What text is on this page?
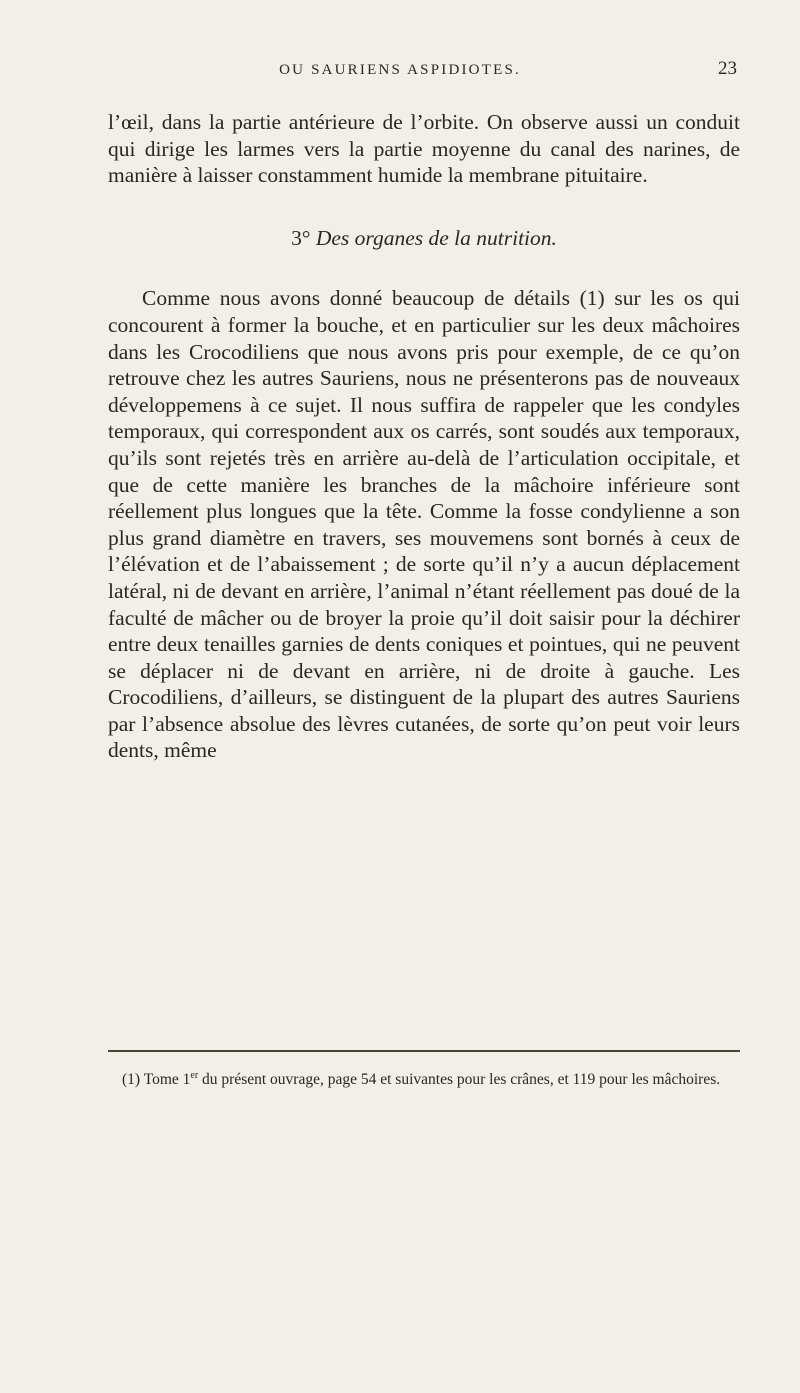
OU SAURIENS ASPIDIOTES.	23

l’œil, dans la partie antérieure de l’orbite. On observe aussi un conduit qui dirige les larmes vers la partie moyenne du canal des narines, de manière à laisser constamment humide la membrane pituitaire.

3° Des organes de la nutrition.

Comme nous avons donné beaucoup de détails (1) sur les os qui concourent à former la bouche, et en particulier sur les deux mâchoires dans les Crocodiliens que nous avons pris pour exemple, de ce qu’on retrouve chez les autres Sauriens, nous ne présenterons pas de nouveaux développemens à ce sujet. Il nous suffira de rappeler que les condyles temporaux, qui correspondent aux os carrés, sont soudés aux temporaux, qu’ils sont rejetés très en arrière au-delà de l’articulation occipitale, et que de cette manière les branches de la mâchoire inférieure sont réellement plus longues que la tête. Comme la fosse condylienne a son plus grand diamètre en travers, ses mouvemens sont bornés à ceux de l’élévation et de l’abaissement ; de sorte qu’il n’y a aucun déplacement latéral, ni de devant en arrière, l’animal n’étant réellement pas doué de la faculté de mâcher ou de broyer la proie qu’il doit saisir pour la déchirer entre deux tenailles garnies de dents coniques et pointues, qui ne peuvent se déplacer ni de devant en arrière, ni de droite à gauche. Les Crocodiliens, d’ailleurs, se distinguent de la plupart des autres Sauriens par l’absence absolue des lèvres cutanées, de sorte qu’on peut voir leurs dents, même

(1) Tome 1er du présent ouvrage, page 54 et suivantes pour les crânes, et 119 pour les mâchoires.
